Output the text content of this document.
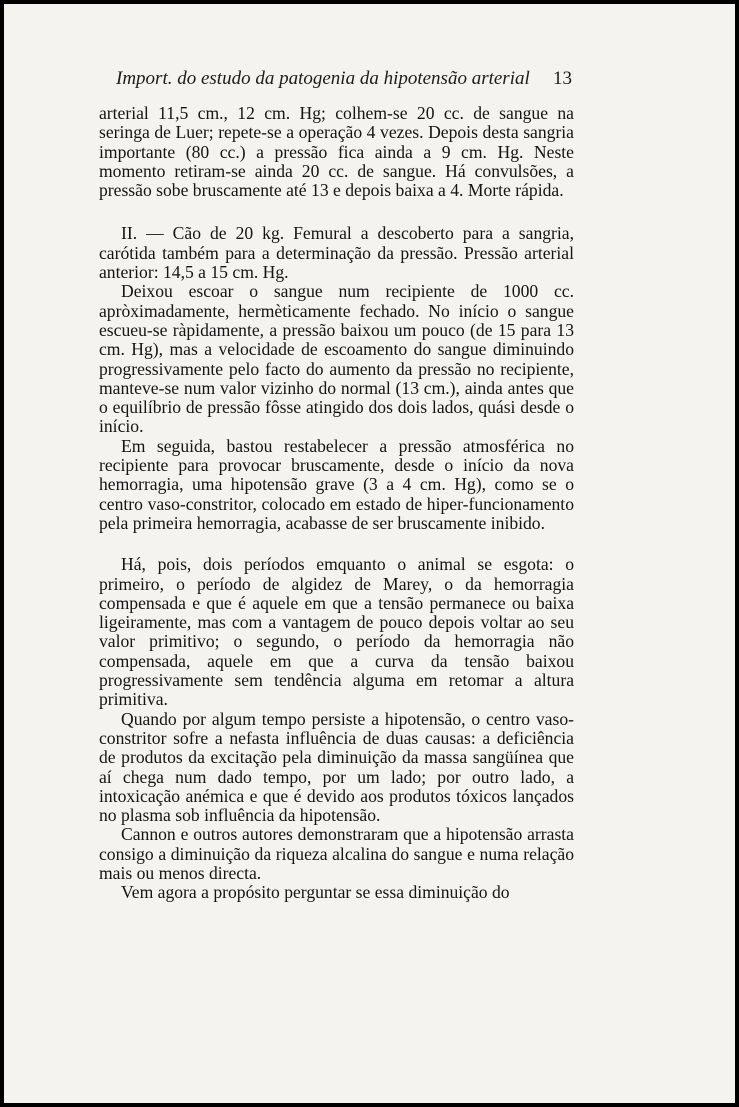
Import. do estudo da patogenia da hipotensão arterial 13

arterial 11,5 cm., 12 cm. Hg; colhem-se 20 cc. de sangue na seringa de Luer; repete-se a operação 4 vezes. Depois desta sangria importante (80 cc.) a pressão fica ainda a 9 cm. Hg. Neste momento retiram-se ainda 20 cc. de sangue. Há convulsões, a pressão sobe bruscamente até 13 e depois baixa a 4. Morte rápida.

II. — Cão de 20 kg. Femural a descoberto para a sangria, carótida também para a determinação da pressão. Pressão arterial anterior: 14,5 a 15 cm. Hg.

Deixou escoar o sangue num recipiente de 1000 cc. apròximadamente, hermèticamente fechado. No início o sangue escueu-se ràpidamente, a pressão baixou um pouco (de 15 para 13 cm. Hg), mas a velocidade de escoamento do sangue diminuindo progressivamente pelo facto do aumento da pressão no recipiente, manteve-se num valor vizinho do normal (13 cm.), ainda antes que o equilíbrio de pressão fôsse atingido dos dois lados, quási desde o início.

Em seguida, bastou restabelecer a pressão atmosférica no recipiente para provocar bruscamente, desde o início da nova hemorragia, uma hipotensão grave (3 a 4 cm. Hg), como se o centro vaso-constritor, colocado em estado de hiper-funcionamento pela primeira hemorragia, acabasse de ser bruscamente inibido.

Há, pois, dois períodos emquanto o animal se esgota: o primeiro, o período de algidez de Marey, o da hemorragia compensada e que é aquele em que a tensão permanece ou baixa ligeiramente, mas com a vantagem de pouco depois voltar ao seu valor primitivo; o segundo, o período da hemorragia não compensada, aquele em que a curva da tensão baixou progressivamente sem tendência alguma em retomar a altura primitiva.

Quando por algum tempo persiste a hipotensão, o centro vaso-constritor sofre a nefasta influência de duas causas: a deficiência de produtos da excitação pela diminuição da massa sangüínea que aí chega num dado tempo, por um lado; por outro lado, a intoxicação anémica e que é devido aos produtos tóxicos lançados no plasma sob influência da hipotensão.

Cannon e outros autores demonstraram que a hipotensão arrasta consigo a diminuição da riqueza alcalina do sangue e numa relação mais ou menos directa.

Vem agora a propósito perguntar se essa diminuição do
